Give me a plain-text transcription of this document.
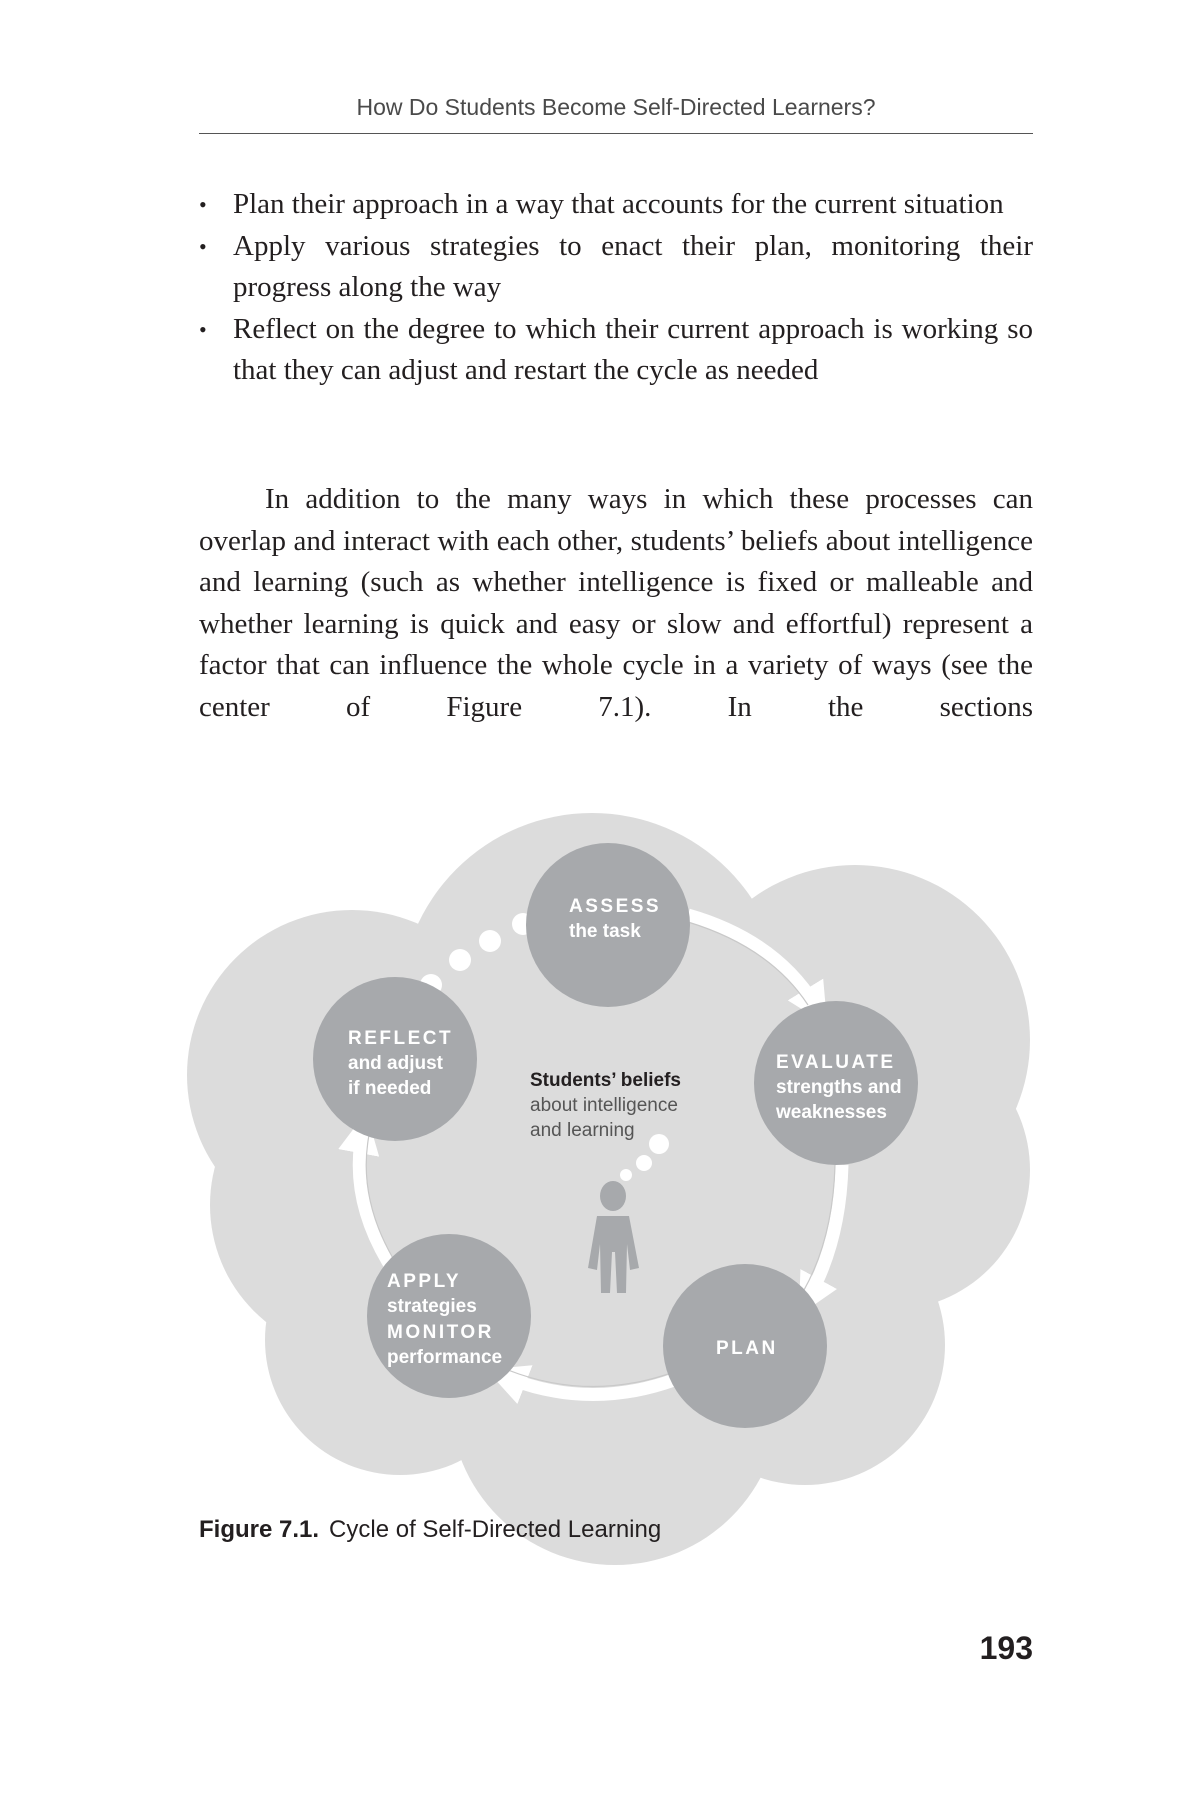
How Do Students Become Self-Directed Learners?
• Plan their approach in a way that accounts for the current situation
• Apply various strategies to enact their plan, monitoring their progress along the way
• Reflect on the degree to which their current approach is working so that they can adjust and restart the cycle as needed

In addition to the many ways in which these processes can overlap and interact with each other, students’ beliefs about intelligence and learning (such as whether intelligence is fixed or malleable and whether learning is quick and easy or slow and effortful) represent a factor that can influence the whole cycle in a variety of ways (see the center of Figure 7.1). In the sections

ASSESS
the task
EVALUATE
strengths and
weaknesses
PLAN
APPLY
strategies
MONITOR
performance
REFLECT
and adjust
if needed	Students’ beliefs
about intelligence
and learning
Figure 7.1. Cycle of Self-Directed Learning
193
